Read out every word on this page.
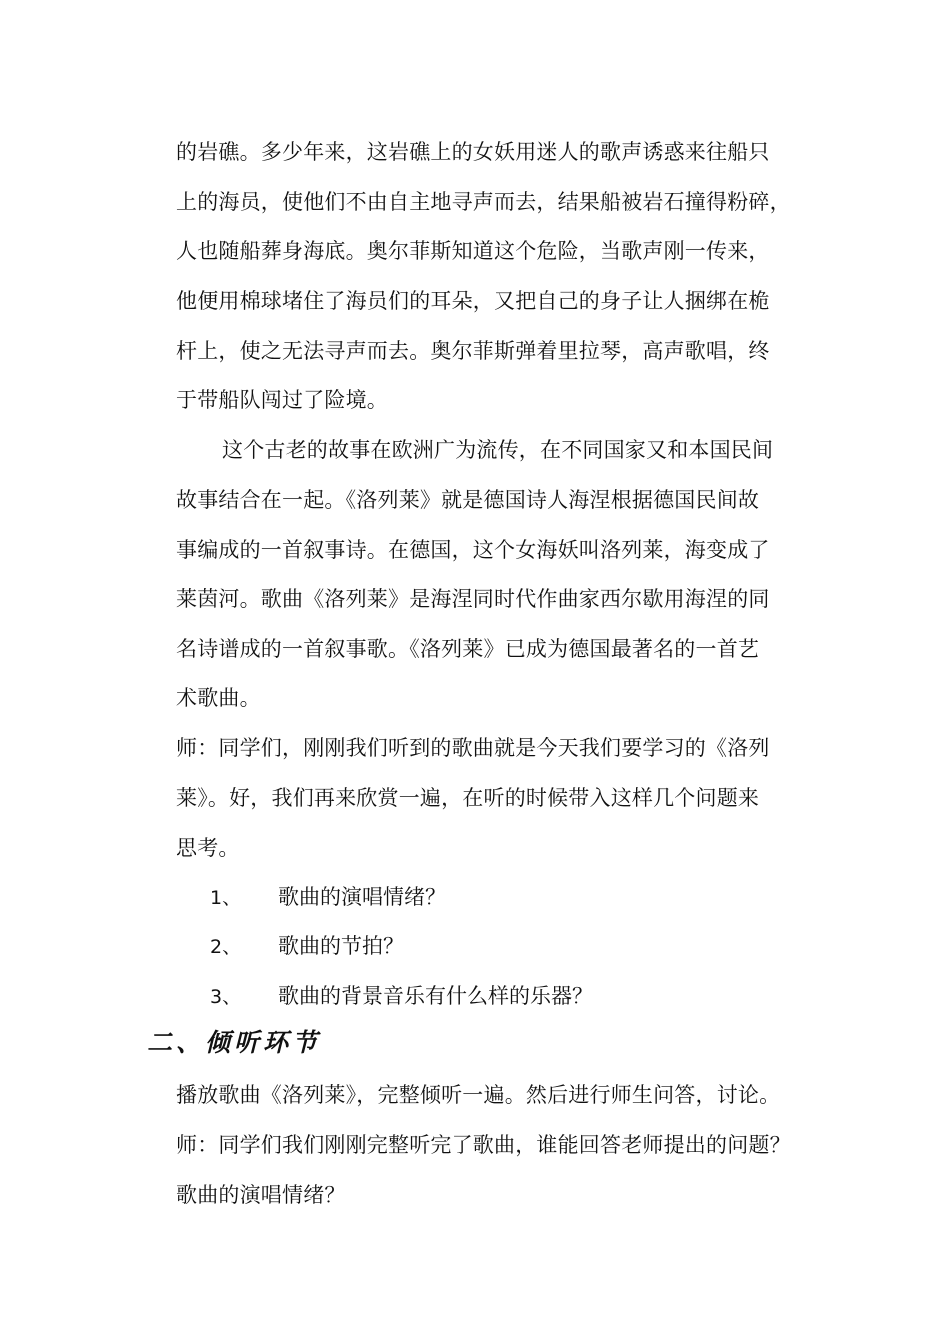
的岩礁。多少年来，这岩礁上的女妖用迷人的歌声诱惑来往船只
上的海员，使他们不由自主地寻声而去，结果船被岩石撞得粉碎，
人也随船葬身海底。奥尔菲斯知道这个危险，当歌声刚一传来，
他便用棉球堵住了海员们的耳朵，又把自己的身子让人捆绑在桅
杆上，使之无法寻声而去。奥尔菲斯弹着里拉琴，高声歌唱，终
于带船队闯过了险境。
这个古老的故事在欧洲广为流传，在不同国家又和本国民间
故事结合在一起。《洛列莱》就是德国诗人海涅根据德国民间故
事编成的一首叙事诗。在德国，这个女海妖叫洛列莱，海变成了
莱茵河。歌曲《洛列莱》是海涅同时代作曲家西尔歇用海涅的同
名诗谱成的一首叙事歌。《洛列莱》已成为德国最著名的一首艺
术歌曲。
师：同学们，刚刚我们听到的歌曲就是今天我们要学习的《洛列
莱》。好，我们再来欣赏一遍，在听的时候带入这样几个问题来
思考。
1、 歌曲的演唱情绪？
2、 歌曲的节拍？
3、 歌曲的背景音乐有什么样的乐器？
二、倾听环节
播放歌曲《洛列莱》，完整倾听一遍。然后进行师生问答，讨论。
师：同学们我们刚刚完整听完了歌曲，谁能回答老师提出的问题？
歌曲的演唱情绪？
